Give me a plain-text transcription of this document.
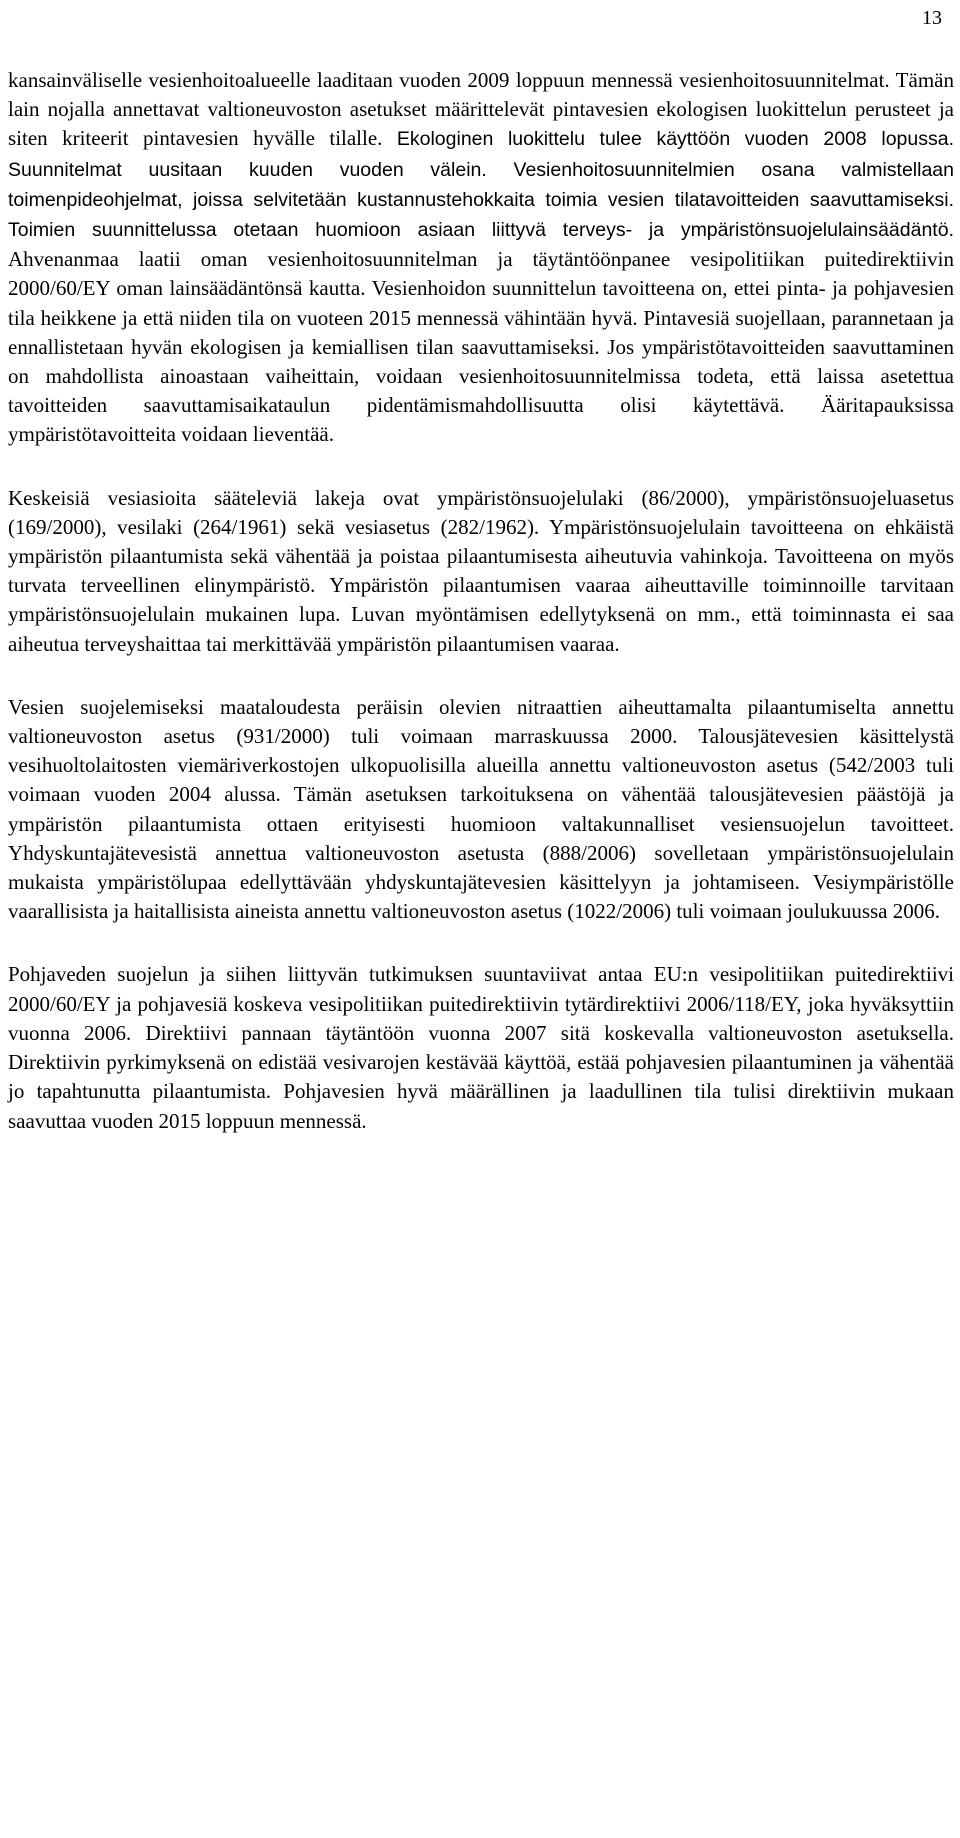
13

kansainväliselle vesienhoitoalueelle laaditaan vuoden 2009 loppuun mennessä vesienhoitosuunnitelmat. Tämän lain nojalla annettavat valtioneuvoston asetukset määrittelevät pintavesien ekologisen luokittelun perusteet ja siten kriteerit pintavesien hyvälle tilalle. Ekologinen luokittelu tulee käyttöön vuoden 2008 lopussa. Suunnitelmat uusitaan kuuden vuoden välein. Vesienhoitosuunnitelmien osana valmistellaan toimenpideohjelmat, joissa selvitetään kustannustehokkaita toimia vesien tilatavoitteiden saavuttamiseksi. Toimien suunnittelussa otetaan huomioon asiaan liittyvä terveys- ja ympäristönsuojelulainsäädäntö. Ahvenanmaa laatii oman vesienhoitosuunnitelman ja täytäntöönpanee vesipolitiikan puitedirektiivin 2000/60/EY oman lainsäädäntönsä kautta. Vesienhoidon suunnittelun tavoitteena on, ettei pinta- ja pohjavesien tila heikkene ja että niiden tila on vuoteen 2015 mennessä vähintään hyvä. Pintavesiä suojellaan, parannetaan ja ennallistetaan hyvän ekologisen ja kemiallisen tilan saavuttamiseksi. Jos ympäristötavoitteiden saavuttaminen on mahdollista ainoastaan vaiheittain, voidaan vesienhoitosuunnitelmissa todeta, että laissa asetettua tavoitteiden saavuttamisaikataulun pidentämismahdollisuutta olisi käytettävä. Ääritapauksissa ympäristötavoitteita voidaan lieventää.

Keskeisiä vesiasioita sääteleviä lakeja ovat ympäristönsuojelulaki (86/2000), ympäristönsuojeluasetus (169/2000), vesilaki (264/1961) sekä vesiasetus (282/1962). Ympäristönsuojelulain tavoitteena on ehkäistä ympäristön pilaantumista sekä vähentää ja poistaa pilaantumisesta aiheutuvia vahinkoja. Tavoitteena on myös turvata terveellinen elinympäristö. Ympäristön pilaantumisen vaaraa aiheuttaville toiminnoille tarvitaan ympäristönsuojelulain mukainen lupa. Luvan myöntämisen edellytyksenä on mm., että toiminnasta ei saa aiheutua terveyshaittaa tai merkittävää ympäristön pilaantumisen vaaraa.

Vesien suojelemiseksi maataloudesta peräisin olevien nitraattien aiheuttamalta pilaantumiselta annettu valtioneuvoston asetus (931/2000) tuli voimaan marraskuussa 2000. Talousjätevesien käsittelystä vesihuoltolaitosten viemäriverkostojen ulkopuolisilla alueilla annettu valtioneuvoston asetus (542/2003 tuli voimaan vuoden 2004 alussa. Tämän asetuksen tarkoituksena on vähentää talousjätevesien päästöjä ja ympäristön pilaantumista ottaen erityisesti huomioon valtakunnalliset vesiensuojelun tavoitteet. Yhdyskuntajätevesistä annettua valtioneuvoston asetusta (888/2006) sovelletaan ympäristönsuojelulain mukaista ympäristölupaa edellyttävään yhdyskuntajätevesien käsittelyyn ja johtamiseen. Vesiympäristölle vaarallisista ja haitallisista aineista annettu valtioneuvoston asetus (1022/2006) tuli voimaan joulukuussa 2006.

Pohjaveden suojelun ja siihen liittyvän tutkimuksen suuntaviivat antaa EU:n vesipolitiikan puitedirektiivi 2000/60/EY ja pohjavesiä koskeva vesipolitiikan puitedirektiivin tytärdirektiivi 2006/118/EY, joka hyväksyttiin vuonna 2006. Direktiivi pannaan täytäntöön vuonna 2007 sitä koskevalla valtioneuvoston asetuksella. Direktiivin pyrkimyksenä on edistää vesivarojen kestävää käyttöä, estää pohjavesien pilaantuminen ja vähentää jo tapahtunutta pilaantumista. Pohjavesien hyvä määrällinen ja laadullinen tila tulisi direktiivin mukaan saavuttaa vuoden 2015 loppuun mennessä.
